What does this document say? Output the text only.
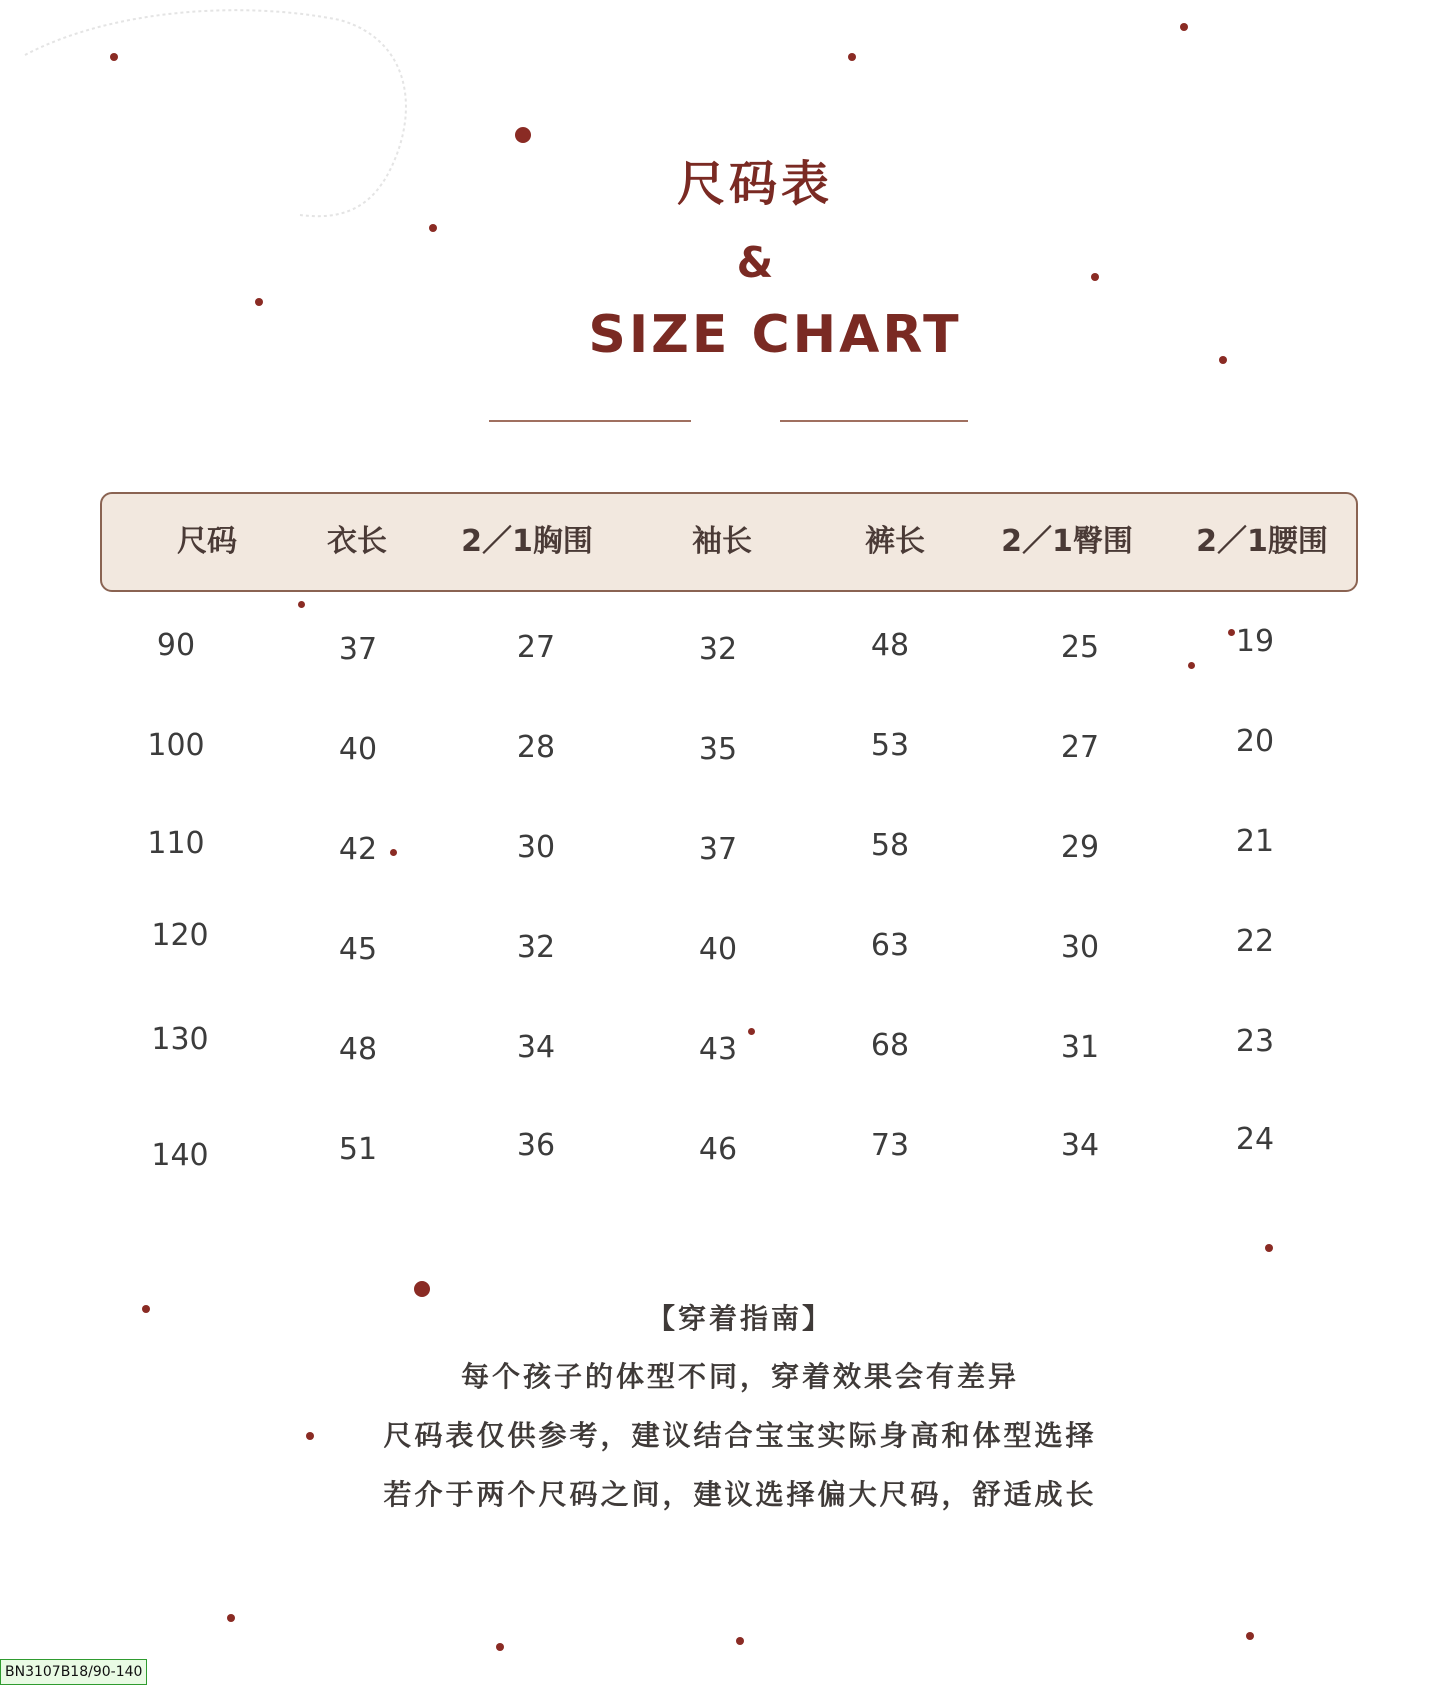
尺码表
&
SIZE CHART
尺码	衣长	2／1胸围	袖长	裤长	2／1臀围	2／1腰围
90	37	27	32	48	25	19
100	40	28	35	53	27	20
110	42	30	37	58	29	21
120	45	32	40	63	30	22
130	48	34	43	68	31	23
140	51	36	46	73	34	24
【穿着指南】
每个孩子的体型不同，穿着效果会有差异
尺码表仅供参考，建议结合宝宝实际身高和体型选择
若介于两个尺码之间，建议选择偏大尺码，舒适成长
BN3107B18/90-140
